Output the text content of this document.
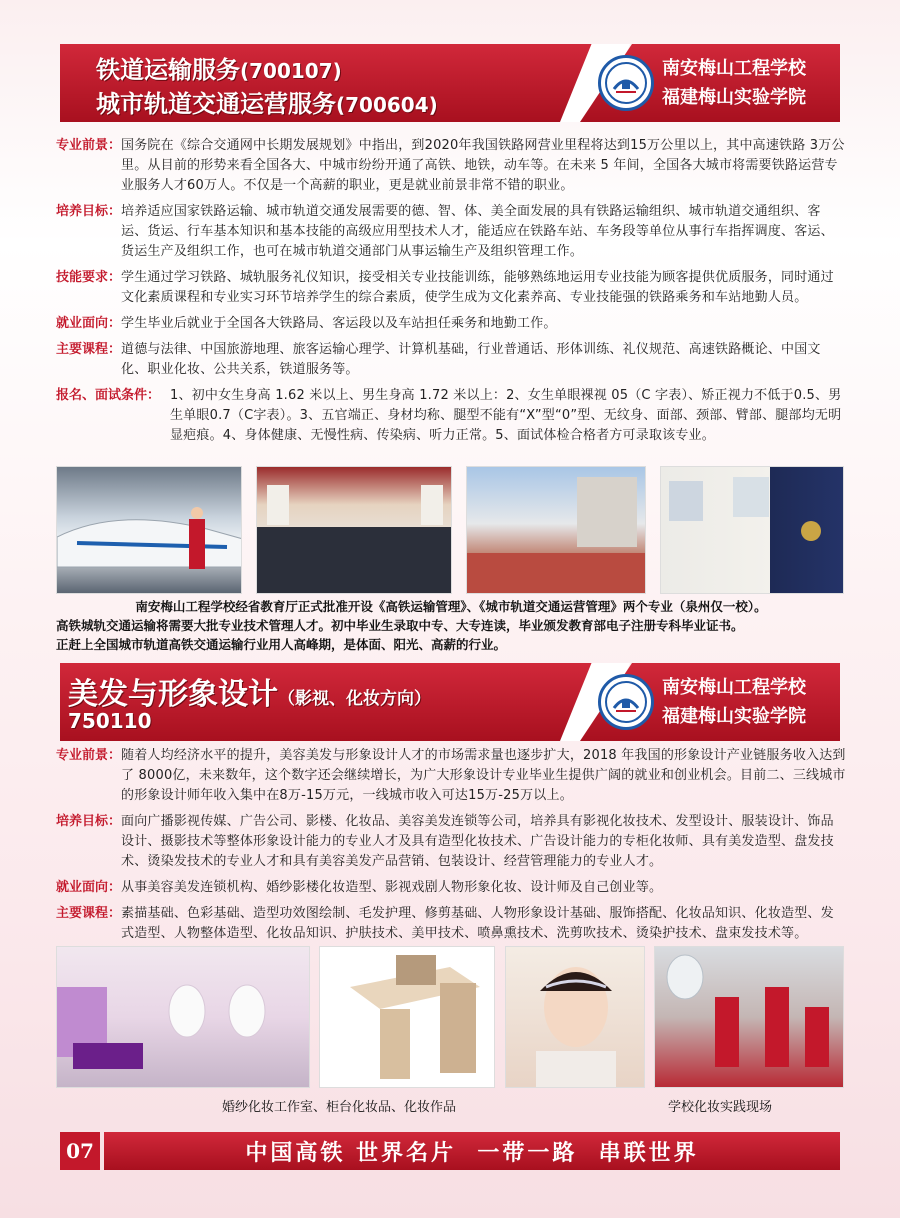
铁道运输服务(700107)
城市轨道交通运营服务(700604)
南安梅山工程学校
福建梅山实验学院
专业前景： 国务院在《综合交通网中长期发展规划》中指出，到2020年我国铁路网营业里程将达到15万公里以上，其中高速铁路 3万公里。从目前的形势来看全国各大、中城市纷纷开通了高铁、地铁，动车等。在未来 5 年间，全国各大城市将需要铁路运营专业服务人才60万人。不仅是一个高薪的职业，更是就业前景非常不错的职业。
培养目标： 培养适应国家铁路运输、城市轨道交通发展需要的德、智、体、美全面发展的具有铁路运输组织、城市轨道交通组织、客运、货运、行车基本知识和基本技能的高级应用型技术人才，能适应在铁路车站、车务段等单位从事行车指挥调度、客运、货运生产及组织工作，也可在城市轨道交通部门从事运输生产及组织管理工作。
技能要求： 学生通过学习铁路、城轨服务礼仪知识，接受相关专业技能训练，能够熟练地运用专业技能为顾客提供优质服务，同时通过文化素质课程和专业实习环节培养学生的综合素质，使学生成为文化素养高、专业技能强的铁路乘务和车站地勤人员。
就业面向： 学生毕业后就业于全国各大铁路局、客运段以及车站担任乘务和地勤工作。
主要课程： 道德与法律、中国旅游地理、旅客运输心理学、计算机基础，行业普通话、形体训练、礼仪规范、高速铁路概论、中国文化、职业化妆、公共关系，铁道服务等。
报名、面试条件： 1、初中女生身高 1.62 米以上、男生身高 1.72 米以上：2、女生单眼裸视 05（C 字表）、矫正视力不低于0.5、男生单眼0.7（C字表）。3、五官端正、身材均称、腿型不能有“X”型“0”型、无纹身、面部、颈部、臂部、腿部均无明显疤痕。4、身体健康、无慢性病、传染病、听力正常。5、面试体检合格者方可录取该专业。
南安梅山工程学校经省教育厅正式批准开设《高铁运输管理》、《城市轨道交通运营管理》两个专业（泉州仅一校）。
高铁城轨交通运输将需要大批专业技术管理人才。初中毕业生录取中专、大专连读，毕业颁发教育部电子注册专科毕业证书。
正赶上全国城市轨道高铁交通运输行业用人高峰期，是体面、阳光、高薪的行业。
美发与形象设计（影视、化妆方向）
750110
南安梅山工程学校
福建梅山实验学院
专业前景： 随着人均经济水平的提升，美容美发与形象设计人才的市场需求量也逐步扩大，2018 年我国的形象设计产业链服务收入达到了 8000亿，未来数年，这个数字还会继续增长，为广大形象设计专业毕业生提供广阔的就业和创业机会。目前二、三线城市的形象设计师年收入集中在8万-15万元，一线城市收入可达15万-25万以上。
培养目标： 面向广播影视传媒、广告公司、影楼、化妆品、美容美发连锁等公司，培养具有影视化妆技术、发型设计、服装设计、饰品设计、摄影技术等整体形象设计能力的专业人才及具有造型化妆技术、广告设计能力的专柜化妆师、具有美发造型、盘发技术、烫染发技术的专业人才和具有美容美发产品营销、包装设计、经营管理能力的专业人才。
就业面向： 从事美容美发连锁机构、婚纱影楼化妆造型、影视戏剧人物形象化妆、设计师及自己创业等。
主要课程： 素描基础、色彩基础、造型功效图绘制、毛发护理、修剪基础、人物形象设计基础、服饰搭配、化妆品知识、化妆造型、发式造型、人物整体造型、化妆品知识、护肤技术、美甲技术、喷鼻熏技术、洗剪吹技术、烫染护技术、盘束发技术等。
婚纱化妆工作室、柜台化妆品、化妆作品	学校化妆实践现场
07	中国高铁 世界名片  一带一路  串联世界
